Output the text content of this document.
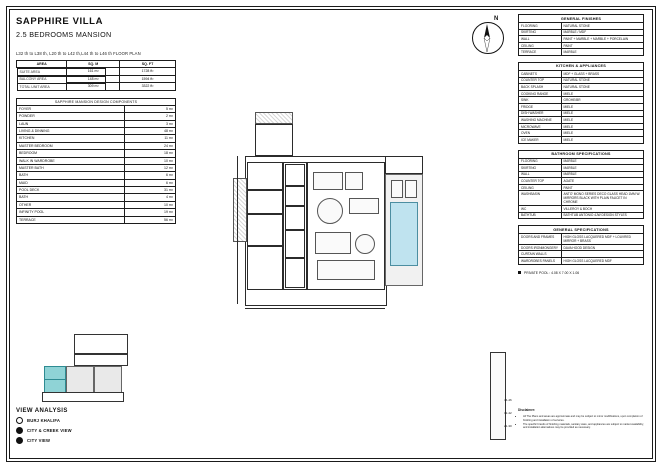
SAPPHIRE VILLA
2.5 BEDROOMS MANSION
L32 th to L38 th, L20 th to L42 th,L44 th to L46 th FLOOR PLAN
AREA	SQ. M	SQ. FT

SUITE AREA	161 m²	1728 ft²

BALCONY AREA	148 m²	1594 ft²

TOTAL UNIT AREA	309 m²	3322 ft²
SAPPHIRE MANSION DESIGN COMPONENTS	
FOYER	5 m²
POWDER	2 m²
LAUN	3 m²
LIVING & DINNING	48 m²
KITCHEN	11 m²
MASTER BEDROOM	24 m²
BEDROOM	18 m²
WALK IN WARDROBE	10 m²
MASTER BATH	12 m²
BATH	6 m²
MAID	6 m²
POOL DECK	31 m²
BATH	4 m²
OTHER	10 m²
INFINITY POOL	19 m²
TERRACE	56 m²
N
VIEW ANALYSIS
BURJ KHALIFA
CITY & CREEK VIEW
CITY VIEW
44-46
32-42
21-30
GENERAL FINISHES
FLOORING	NATURAL STONE
SKIRTING	MARBLE / MDF
WALL	PAINT + MARBLE + MARBLE + PORCELAIN
CEILING	PAINT
TERRACE	MARBLE
KITCHEN & APPLIANCES
CABINETS	MDF + GLASS + BRASS
COUNTER TOP	NATURAL STONE
BACK SPLASH	NATURAL STONE
COOKING RANGE	MIELE
SINK	GROHE/BR
FRIDGE	MIELE
DISH WASHER	MIELE
WASHING MACHINE	MIELE
MICROWAVE	MIELE
OVEN	MIELE
ICE MAKER	MIELE
BATHROOM SPECIFICATIONS
FLOORING	MARBLE
SKIRTING	MARBLE
WALL	MARBLE
COUNTER TOP	AGATE
CEILING	PAINT
WASHBASIN	ANTO' MONO SERIES DECO GLASS HEAD 1MM W. MIRRORS BLACK WITH PLAIN FAUCET IN CHROME
WC	VILLEROY & BOCH
BATHTUB	BATHTUB ANTONIO 4JW DESIGN STYLES
GENERAL SPECIFICATIONS
DOORS AND FRAMES	HIGH GLOSS LACQUERED MDF + LOUVRED MIRROR + BRASS
DOORS IRONMONGERY	DAVA HOOD DESIGN
CURTAIN WALLS	
WARDROBES PANELS	HIGH GLOSS LACQUERED MDF
PRIVATE POOL : 4.08 X 7.00 X 1.06
Disclaimer:
• All The Plans and areas are approximate and may be subject to minor modifications, upon completion of finishing and installation of services.
• The specific brands of finishing materials, sanitary ware, and appliances are subject to market availability, and installation alternatives may be provided as necessary.
